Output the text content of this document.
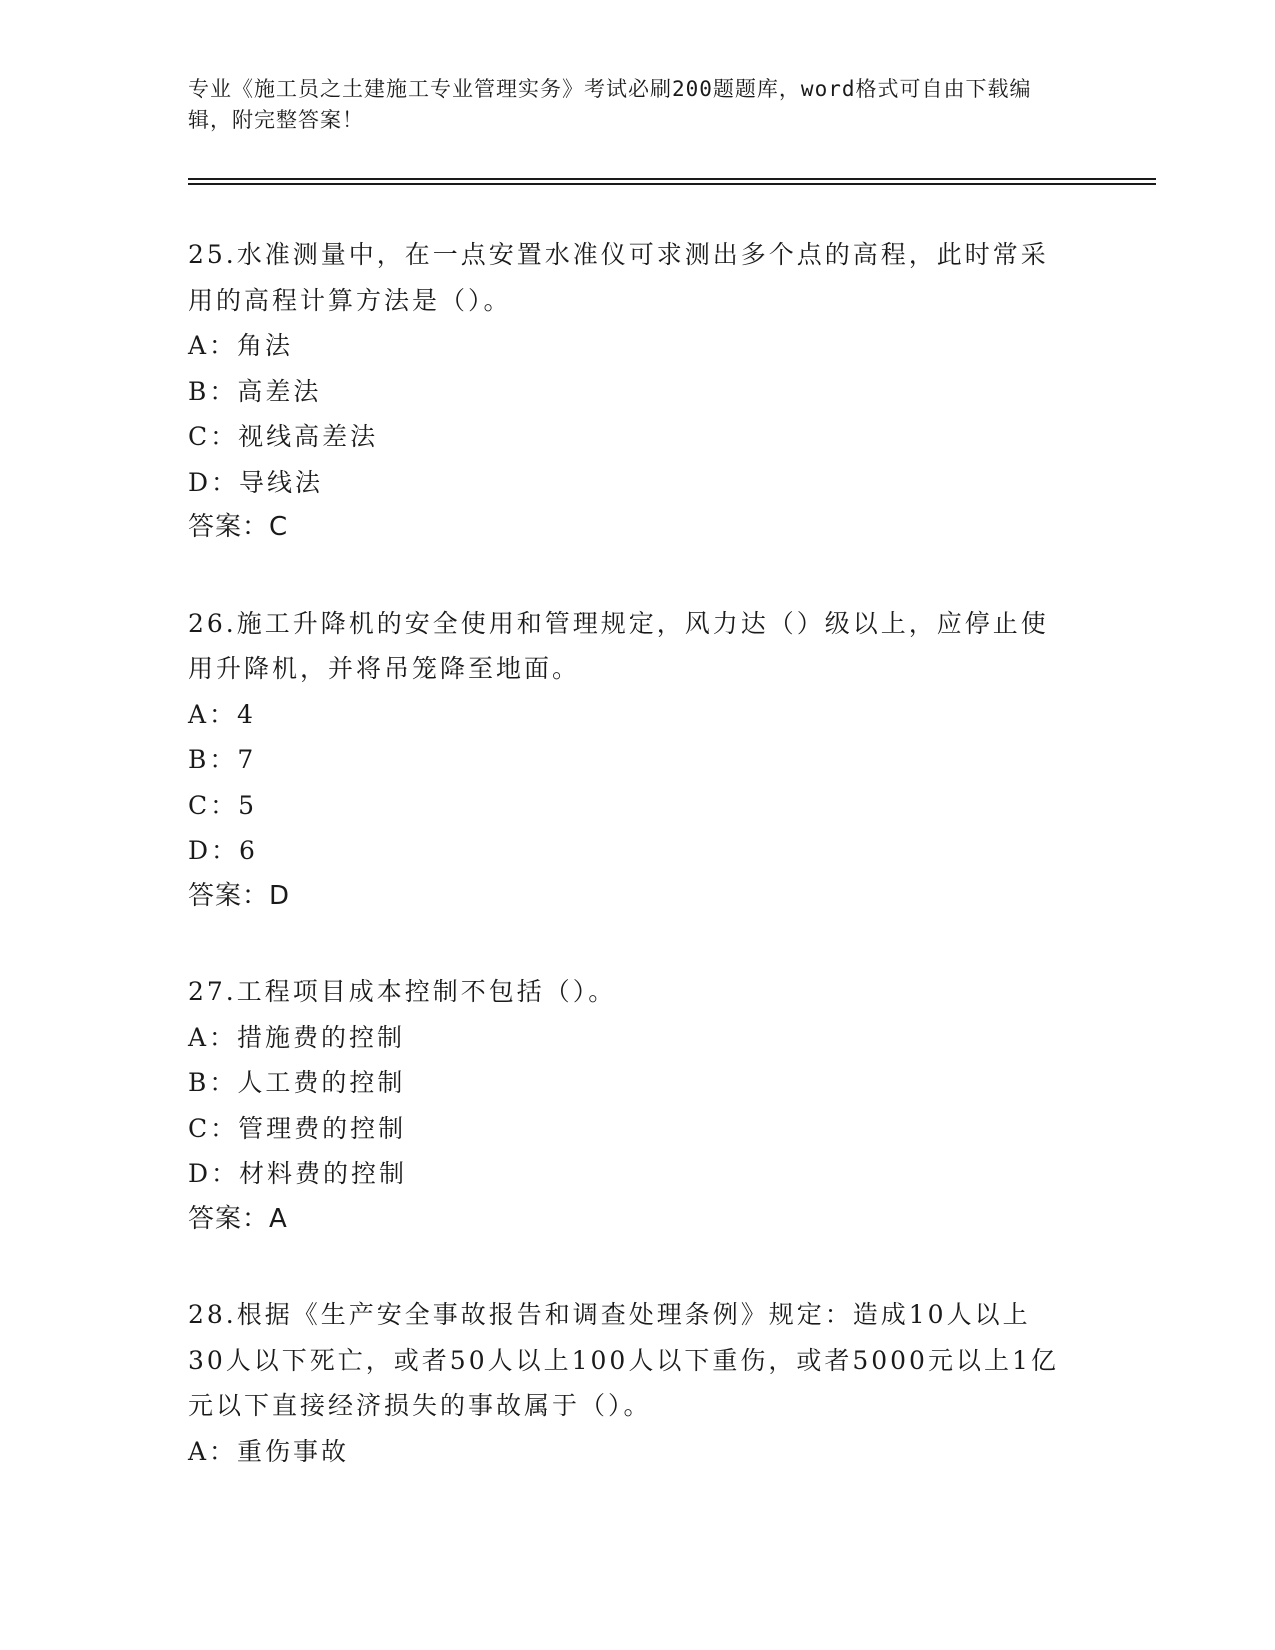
专业《施工员之土建施工专业管理实务》考试必刷200题题库，word格式可自由下载编辑，附完整答案！
25.水准测量中，在一点安置水准仪可求测出多个点的高程，此时常采用的高程计算方法是（）。
A：角法
B：高差法
C：视线高差法
D：导线法
答案：C
26.施工升降机的安全使用和管理规定，风力达（）级以上，应停止使用升降机，并将吊笼降至地面。
A：4
B：7
C：5
D：6
答案：D
27.工程项目成本控制不包括（）。
A：措施费的控制
B：人工费的控制
C：管理费的控制
D：材料费的控制
答案：A
28.根据《生产安全事故报告和调查处理条例》规定：造成10人以上30人以下死亡，或者50人以上100人以下重伤，或者5000元以上1亿元以下直接经济损失的事故属于（）。
A：重伤事故
